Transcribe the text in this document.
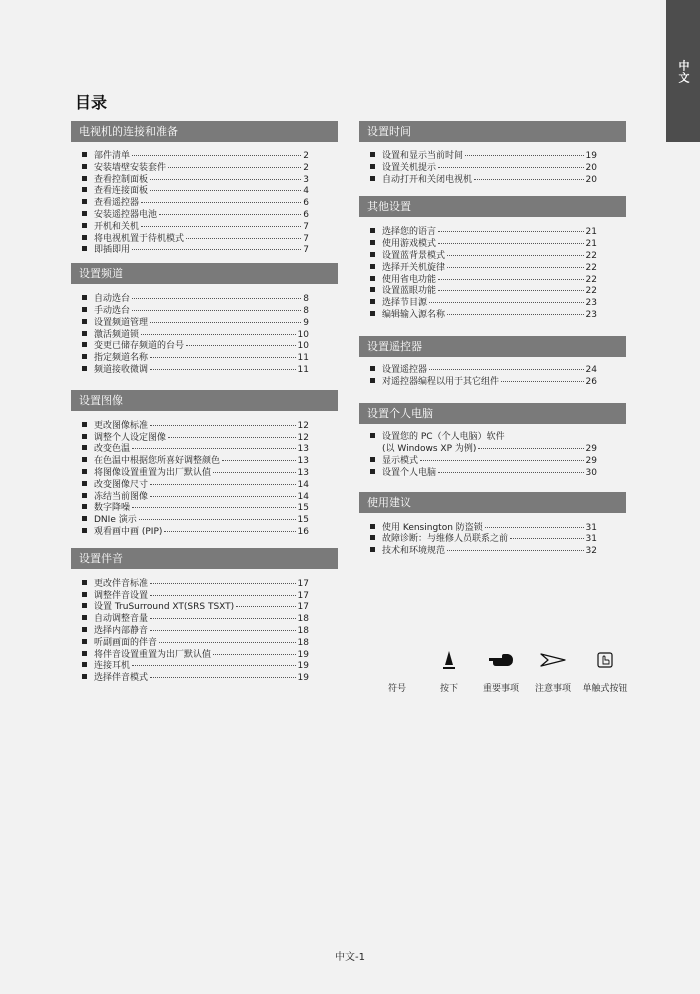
中文
目录
电视机的连接和准备
部件清单	2
安装墙壁安装套件	2
查看控制面板	3
查看连接面板	4
查看遥控器	6
安装遥控器电池	6
开机和关机	7
将电视机置于待机模式	7
即插即用	7
设置频道
自动选台	8
手动选台	8
设置频道管理	9
激活频道锁	10
变更已储存频道的台号	10
指定频道名称	11
频道接收微调	11
设置图像
更改图像标准	12
调整个人设定图像	12
改变色温	13
在色温中根据您所喜好调整颜色	13
将图像设置重置为出厂默认值	13
改变图像尺寸	14
冻结当前图像	14
数字降噪	15
DNIe 演示	15
观看画中画 (PIP)	16
设置伴音
更改伴音标准	17
调整伴音设置	17
设置 TruSurround XT(SRS TSXT)	17
自动调整音量	18
选择内部静音	18
听副画面的伴音	18
将伴音设置重置为出厂默认值	19
连接耳机	19
选择伴音模式	19
设置时间
设置和显示当前时间	19
设置关机提示	20
自动打开和关闭电视机	20
其他设置
选择您的语言	21
使用游戏模式	21
设置蓝背景模式	22
选择开关机旋律	22
使用省电功能	22
设置蓝眼功能	22
选择节目源	23
编辑输入源名称	23
设置遥控器
设置遥控器	24
对遥控器编程以用于其它组件	26
设置个人电脑
设置您的 PC（个人电脑）软件
(以 Windows XP 为例)	29
显示模式	29
设置个人电脑	30
使用建议
使用 Kensington 防盗锁	31
故障诊断：与维修人员联系之前	31
技术和环境规范	32
符号	按下	重要事项 注意事项 单触式按钮
中文-1
